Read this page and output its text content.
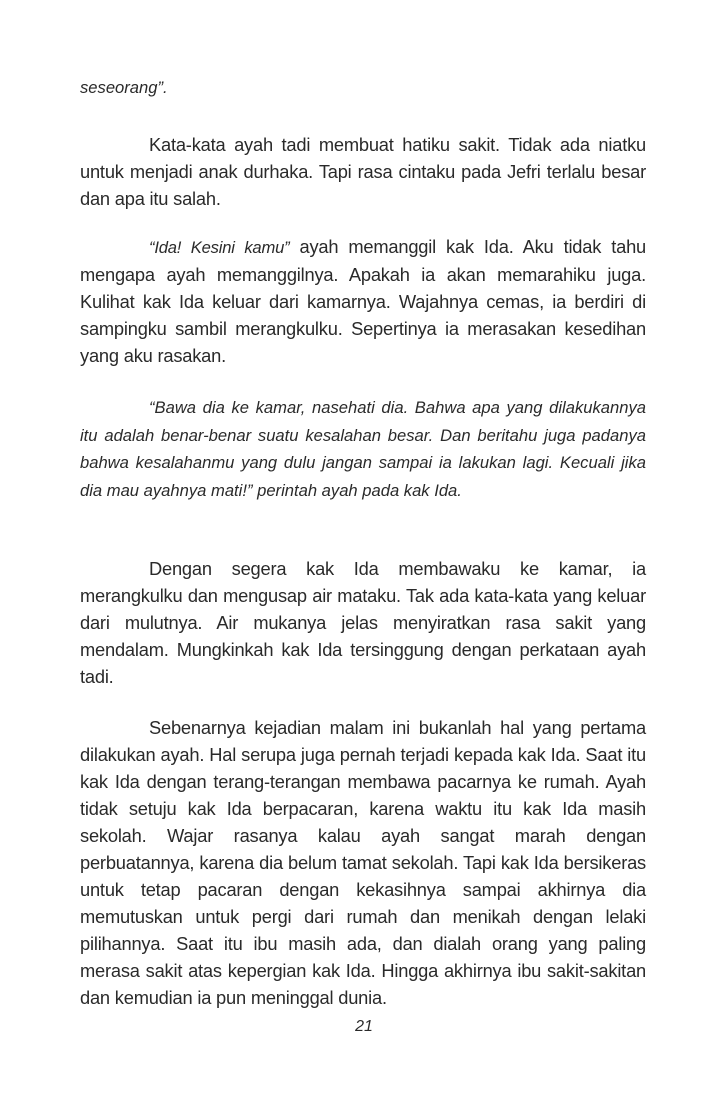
seseorang”.

Kata-kata ayah tadi membuat hatiku sakit. Tidak ada niatku untuk menjadi anak durhaka. Tapi rasa cintaku pada Jefri terlalu besar dan apa itu salah.

“Ida! Kesini kamu” ayah memanggil kak Ida. Aku tidak tahu mengapa ayah memanggilnya. Apakah ia akan memarahiku juga. Kulihat kak Ida keluar dari kamarnya. Wajahnya cemas, ia berdiri di sampingku sambil merangkulku. Sepertinya ia merasakan kesedihan yang aku rasakan.

“Bawa dia ke kamar, nasehati dia. Bahwa apa yang dilakukannya itu adalah benar-benar suatu kesalahan besar. Dan beritahu juga padanya bahwa kesalahanmu yang dulu jangan sampai ia lakukan lagi. Kecuali jika dia mau ayahnya mati!” perintah ayah pada kak Ida.

Dengan segera kak Ida membawaku ke kamar, ia merangkulku dan mengusap air mataku. Tak ada kata-kata yang keluar dari mulutnya. Air mukanya jelas menyiratkan rasa sakit yang mendalam. Mungkinkah kak Ida tersinggung dengan perkataan ayah tadi.

Sebenarnya kejadian malam ini bukanlah hal yang pertama dilakukan ayah. Hal serupa juga pernah terjadi kepada kak Ida. Saat itu kak Ida dengan terang-terangan membawa pacarnya ke rumah. Ayah tidak setuju kak Ida berpacaran, karena waktu itu kak Ida masih sekolah. Wajar rasanya kalau ayah sangat marah dengan perbuatannya, karena dia belum tamat sekolah. Tapi kak Ida bersikeras untuk tetap pacaran dengan kekasihnya sampai akhirnya dia memutuskan untuk pergi dari rumah dan menikah dengan lelaki pilihannya. Saat itu ibu masih ada, dan dialah orang yang paling merasa sakit atas kepergian kak Ida. Hingga akhirnya ibu sakit-sakitan dan kemudian ia pun meninggal dunia.

21
